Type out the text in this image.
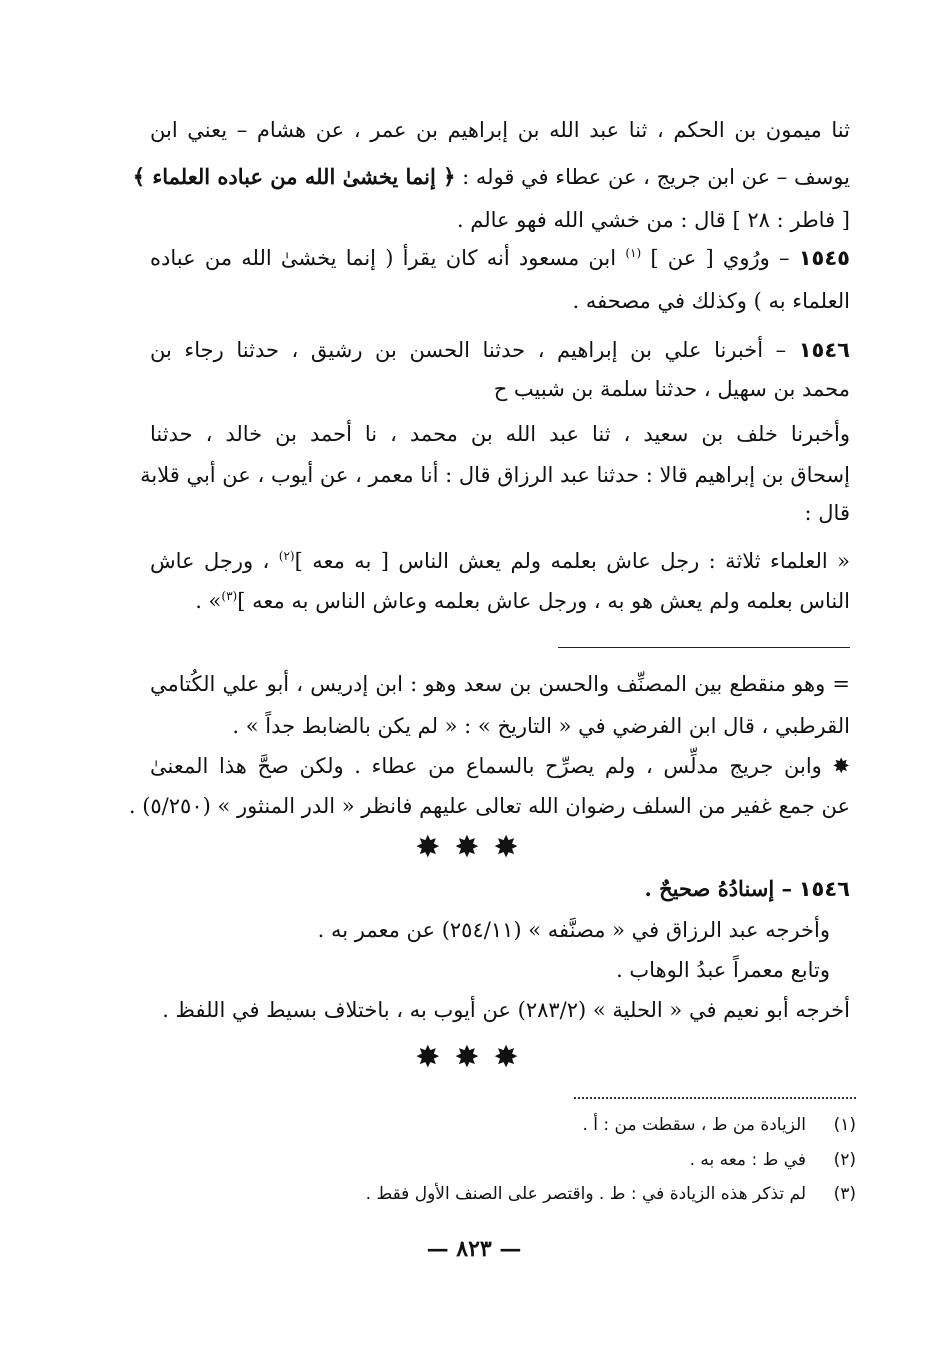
ثنا ميمون بن الحكم ، ثنا عبد الله بن إبراهيم بن عمر ، عن هشام – يعني ابن
يوسف – عن ابن جريج ، عن عطاء في قوله : ﴿ إنما يخشىٰ الله من عباده العلماء ﴾
[ فاطر : ٢٨ ] قال : من خشي الله فهو عالم .
١٥٤٥ – ورُوي [ عن ] $^{(١)}$ ابن مسعود أنه كان يقرأ ( إنما يخشىٰ الله من عباده
العلماء به ) وكذلك في مصحفه .
١٥٤٦ – أخبرنا علي بن إبراهيم ، حدثنا الحسن بن رشيق ، حدثنا رجاء بن
محمد بن سهيل ، حدثنا سلمة بن شبيب ح
وأخبرنا خلف بن سعيد ، ثنا عبد الله بن محمد ، نا أحمد بن خالد ، حدثنا
إسحاق بن إبراهيم قالا : حدثنا عبد الرزاق قال : أنا معمر ، عن أيوب ، عن أبي قلابة
قال :
« العلماء ثلاثة : رجل عاش بعلمه ولم يعش الناس [ به معه ]$^{(٢)}$ ، ورجل عاش
الناس بعلمه ولم يعش هو به ، ورجل عاش بعلمه وعاش الناس به معه ]$^{(٣)}$» .
= وهو منقطع بين المصنِّف والحسن بن سعد وهو : ابن إدريس ، أبو علي الكُتامي
القرطبي ، قال ابن الفرضي في « التاريخ » : « لم يكن بالضابط جداً » .
✸ وابن جريج مدلِّس ، ولم يصرِّح بالسماع من عطاء . ولكن صحَّ هذا المعنىٰ
عن جمع غفير من السلف رضوان الله تعالى عليهم فانظر « الدر المنثور » (٥/٢٥٠) .
✸✸✸
١٥٤٦ – إسنادُهُ صحيحٌ .
وأخرجه عبد الرزاق في « مصنَّفه » (٢٥٤/١١) عن معمر به .
وتابع معمراً عبدُ الوهاب .
أخرجه أبو نعيم في « الحلية » (٢٨٣/٢) عن أيوب به ، باختلاف بسيط في اللفظ .
✸✸✸
(١)الزيادة من ط ، سقطت من : أ .
(٢)في ط : معه به .
(٣)لم تذكر هذه الزيادة في : ط . واقتصر على الصنف الأول فقط .
— ٨٢٣ —
